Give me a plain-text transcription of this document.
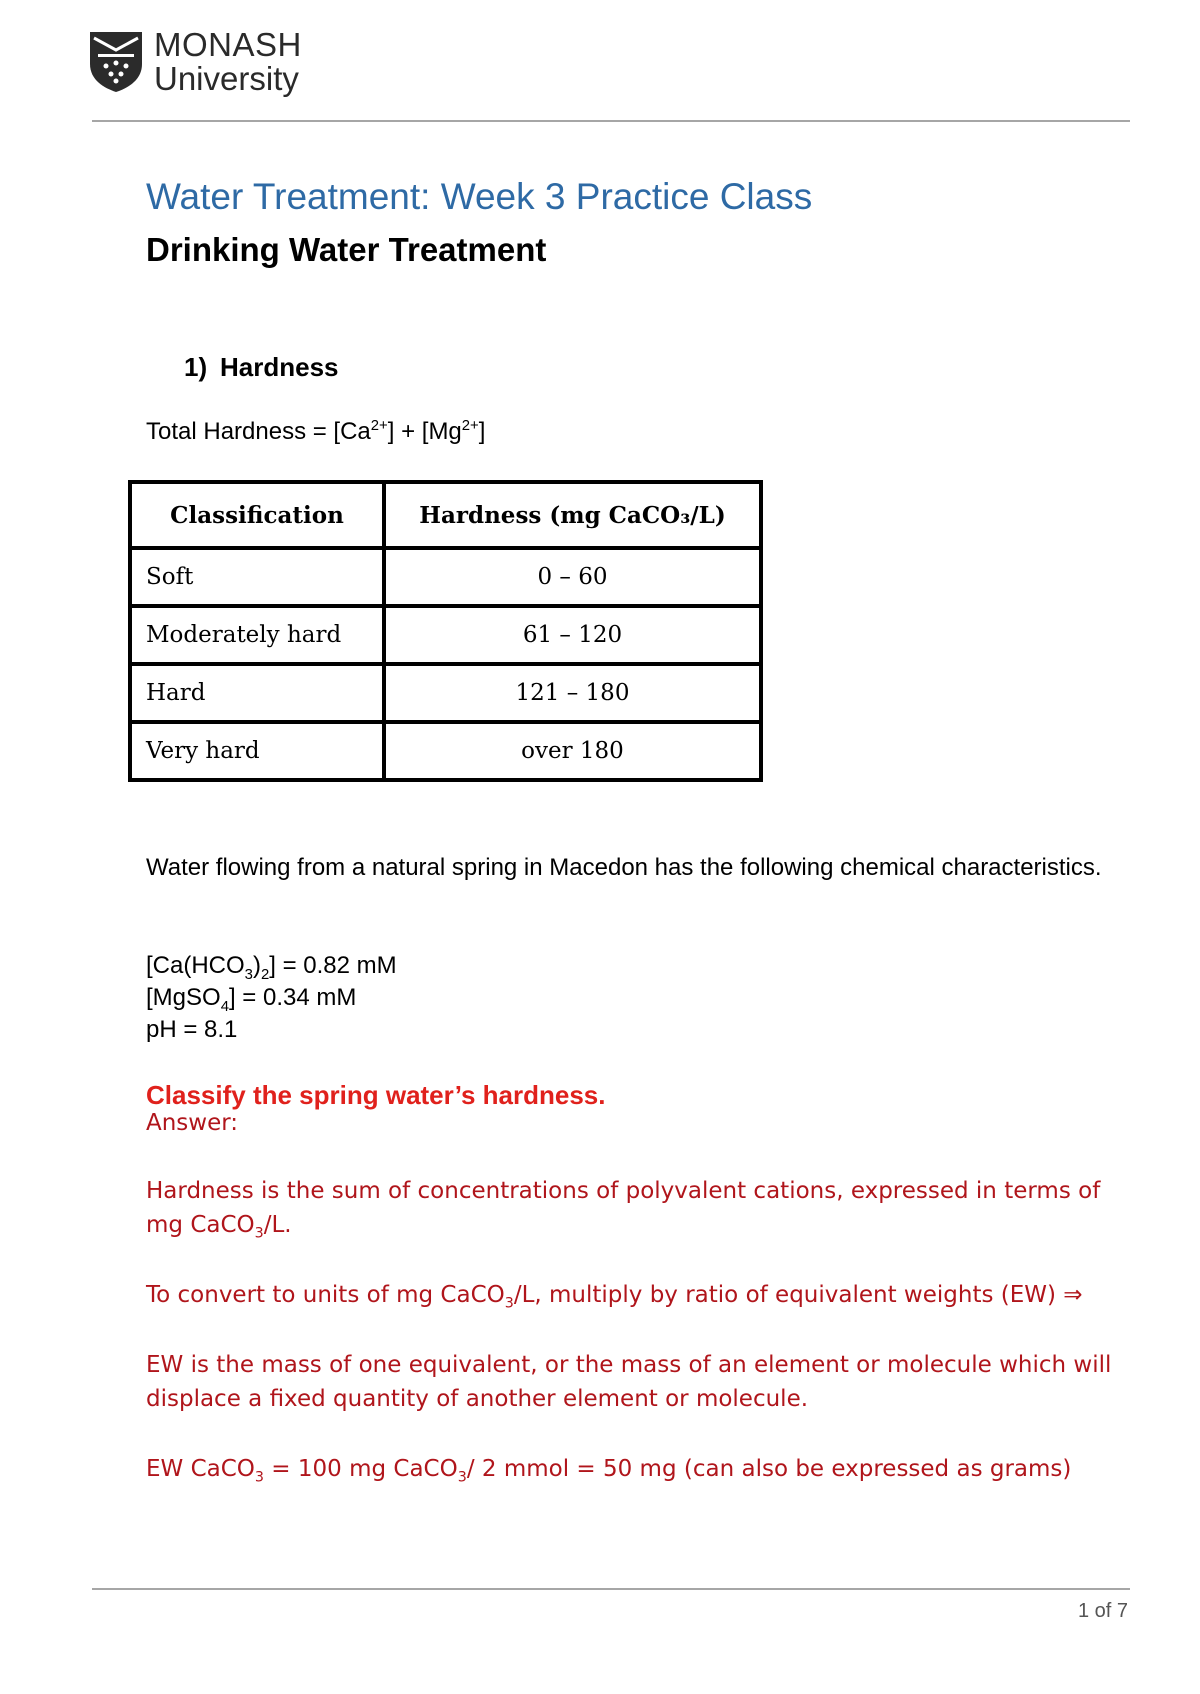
MONASH
University
Water Treatment: Week 3 Practice Class
Drinking Water Treatment
1) Hardness
Total Hardness = $[Ca^{2+}] + [Mg^{2+}]$
Classification	Hardness (mg CaCO₃/L)
Soft	0 – 60
Moderately hard	61 – 120
Hard	121 – 180
Very hard	over 180
Water flowing from a natural spring in Macedon has the following chemical characteristics.
$[Ca(HCO_3)_2] = 0.82$ mM
[MgSO$_4$] = 0.34 mM
pH = 8.1
Classify the spring water’s hardness.
Answer:
Hardness is the sum of concentrations of polyvalent cations, expressed in terms of mg CaCO$_3$/L.
To convert to units of mg CaCO$_3$/L, multiply by ratio of equivalent weights (EW) ⇒
EW is the mass of one equivalent, or the mass of an element or molecule which will displace a fixed quantity of another element or molecule.
EW CaCO$_3$ = 100 mg CaCO$_3$/ 2 mmol = 50 mg (can also be expressed as grams)
1 of 7
